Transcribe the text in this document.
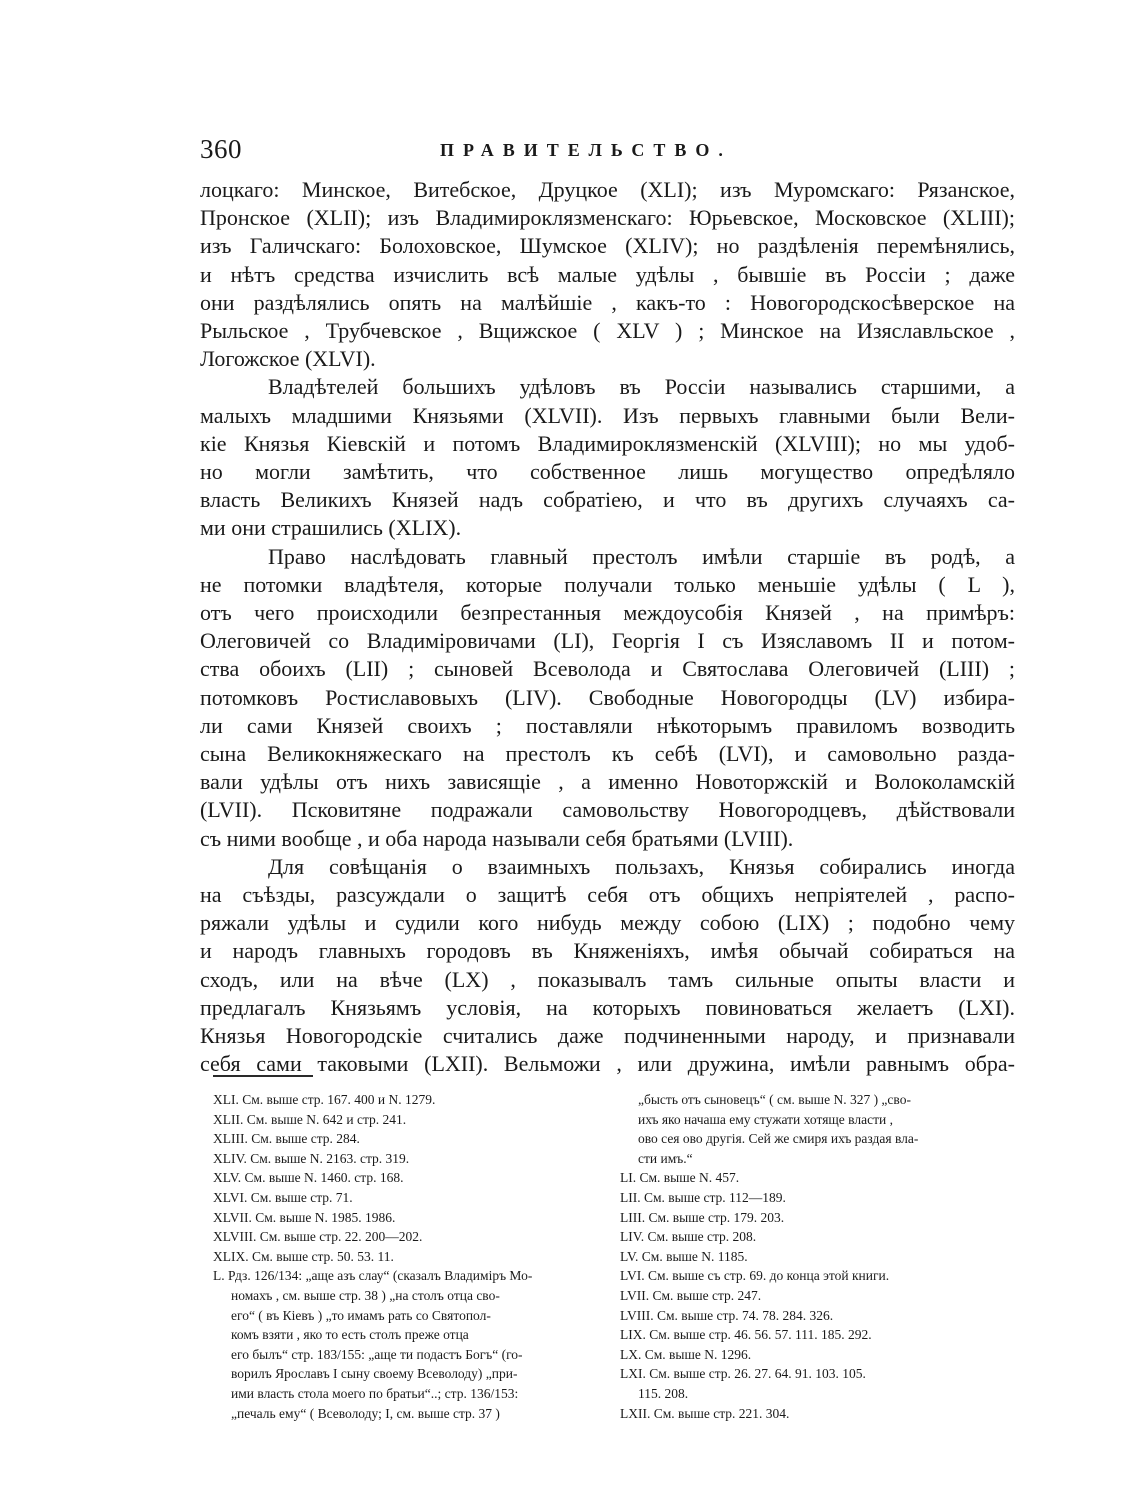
360	ПРАВИТЕЛЬСТВО.
лоцкаго: Минское, Витебское, Друцкое (XLI); изъ Муромскаго: Рязанское,
Пронское (XLII); изъ Владимироклязменскаго: Юрьевское, Московское (XLIII);
изъ Галичскаго: Болоховское, Шумское (XLIV); но раздѣленія перемѣнялись,
и нѣтъ средства изчислить всѣ малые удѣлы , бывшіе въ Россіи ; даже
они раздѣлялись опять на малѣйшіе , какъ-то : Новогородскосѣверское на
Рыльское , Трубчевское , Вщижское ( XLV ) ; Минское на Изяславльское ,
Логожское (XLVI).
Владѣтелей большихъ удѣловъ въ Россіи назывались старшими, а
малыхъ младшими Князьями (XLVII). Изъ первыхъ главными были Вели-
кіе Князья Кіевскій и потомъ Владимироклязменскій (XLVIII); но мы удоб-
но могли замѣтить, что собственное лишь могущество опредѣляло
власть Великихъ Князей надъ собратіею, и что въ другихъ случаяхъ са-
ми они страшились (XLIX).
Право наслѣдовать главный престолъ имѣли старшіе въ родѣ, а
не потомки владѣтеля, которые получали только меньшіе удѣлы ( L ),
отъ чего происходили безпрестанныя междоусобія Князей , на примѣръ:
Олеговичей со Владиміровичами (LI), Георгія I съ Изяславомъ II и потом-
ства обоихъ (LII) ; сыновей Всеволода и Святослава Олеговичей (LIII) ;
потомковъ Ростиславовыхъ (LIV). Свободные Новогородцы (LV) избира-
ли сами Князей своихъ ; поставляли нѣкоторымъ правиломъ возводить
сына Великокняжескаго на престолъ къ себѣ (LVI), и самовольно разда-
вали удѣлы отъ нихъ зависящіе , а именно Новоторжскій и Волоколамскій
(LVII). Псковитяне подражали самовольству Новогородцевъ, дѣйствовали
съ ними вообще , и оба народа называли себя братьями (LVIII).
Для совѣщанія о взаимныхъ пользахъ, Князья собирались иногда
на съѣзды, разсуждали о защитѣ себя отъ общихъ непріятелей , распо-
ряжали удѣлы и судили кого нибудь между собою (LIX) ; подобно чему
и народъ главныхъ городовъ въ Княженіяхъ, имѣя обычай собираться на
сходъ, или на вѣче (LX) , показывалъ тамъ сильные опыты власти и
предлагалъ Князьямъ условія, на которыхъ повиноваться желаетъ (LXI).
Князья Новогородскіе считались даже подчиненными народу, и признавали
себя сами таковыми (LXII). Вельможи , или дружина, имѣли равнымъ обра-
XLI. См. выше стр. 167. 400 и N. 1279.
XLII. См. выше N. 642 и стр. 241.
XLIII. См. выше стр. 284.
XLIV. См. выше N. 2163. стр. 319.
XLV. См. выше N. 1460. стр. 168.
XLVI. См. выше стр. 71.
XLVII. См. выше N. 1985. 1986.
XLVIII. См. выше стр. 22. 200—202.
XLIX. См. выше стр. 50. 53. 11.
L. Рдз. 126/134: „аще азъ слау“ (сказалъ Владиміръ Мо-
номахъ , см. выше стр. 38 ) „на столъ отца сво-
его“ ( въ Кіевъ ) „то имамъ рать со Святопол-
комъ взяти , яко то есть столъ преже отца
его былъ“ стр. 183/155: „аще ти подастъ Богъ“ (го-
ворилъ Ярославъ I сыну своему Всеволоду) „при-
ими власть стола моего по братьи“..; стр. 136/153:
„печаль ему“ ( Всеволоду; I, см. выше стр. 37 )
„бысть отъ сыновецъ“ ( см. выше N. 327 ) „сво-
ихъ яко начаша ему стужати хотяще власти ,
ово сея ово другія. Сей же смиря ихъ раздая вла-
сти имъ.“
LI. См. выше N. 457.
LII. См. выше стр. 112—189.
LIII. См. выше стр. 179. 203.
LIV. См. выше стр. 208.
LV. См. выше N. 1185.
LVI. См. выше съ стр. 69. до конца этой книги.
LVII. См. выше стр. 247.
LVIII. См. выше стр. 74. 78. 284. 326.
LIX. См. выше стр. 46. 56. 57. 111. 185. 292.
LX. См. выше N. 1296.
LXI. См. выше стр. 26. 27. 64. 91. 103. 105.
115. 208.
LXII. См. выше стр. 221. 304.
